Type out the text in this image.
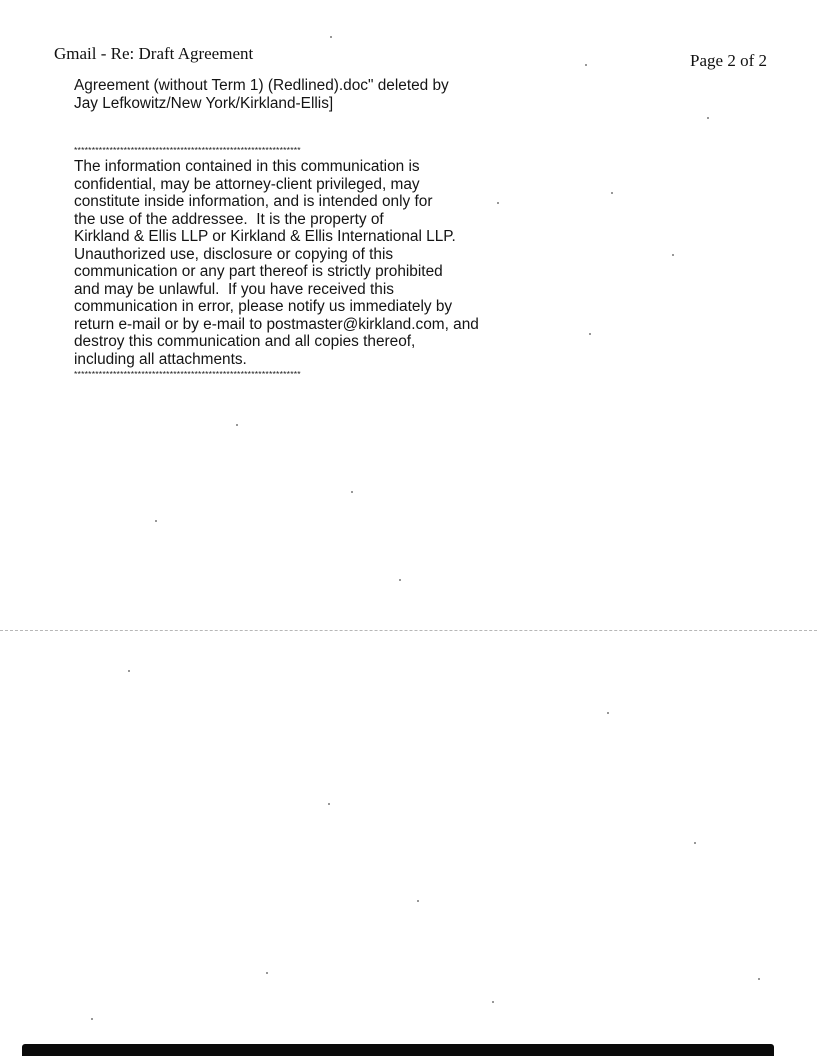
Gmail - Re: Draft Agreement	Page 2 of 2
Agreement (without Term 1) (Redlined).doc" deleted by
Jay Lefkowitz/New York/Kirkland-Ellis]
****************************************************************
The information contained in this communication is
confidential, may be attorney-client privileged, may
constitute inside information, and is intended only for
the use of the addressee.  It is the property of
Kirkland & Ellis LLP or Kirkland & Ellis International LLP.
Unauthorized use, disclosure or copying of this
communication or any part thereof is strictly prohibited
and may be unlawful.  If you have received this
communication in error, please notify us immediately by
return e-mail or by e-mail to postmaster@kirkland.com, and
destroy this communication and all copies thereof,
including all attachments.
****************************************************************
